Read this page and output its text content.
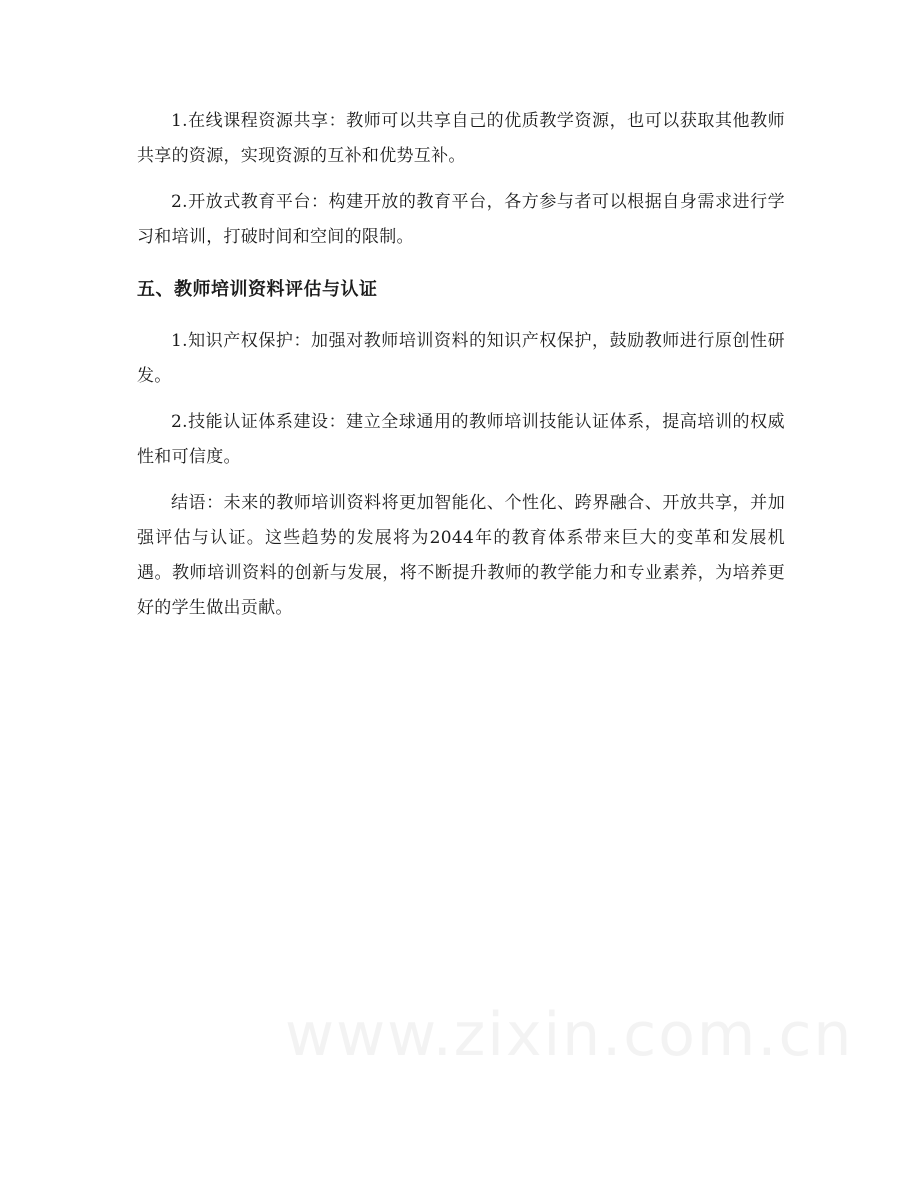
1.在线课程资源共享：教师可以共享自己的优质教学资源，也可以获取其他教师共享的资源，实现资源的互补和优势互补。

2.开放式教育平台：构建开放的教育平台，各方参与者可以根据自身需求进行学习和培训，打破时间和空间的限制。

五、教师培训资料评估与认证

1.知识产权保护：加强对教师培训资料的知识产权保护，鼓励教师进行原创性研发。

2.技能认证体系建设：建立全球通用的教师培训技能认证体系，提高培训的权威性和可信度。

结语：未来的教师培训资料将更加智能化、个性化、跨界融合、开放共享，并加强评估与认证。这些趋势的发展将为2044年的教育体系带来巨大的变革和发展机遇。教师培训资料的创新与发展，将不断提升教师的教学能力和专业素养，为培养更好的学生做出贡献。

www.zixin.com.cn
